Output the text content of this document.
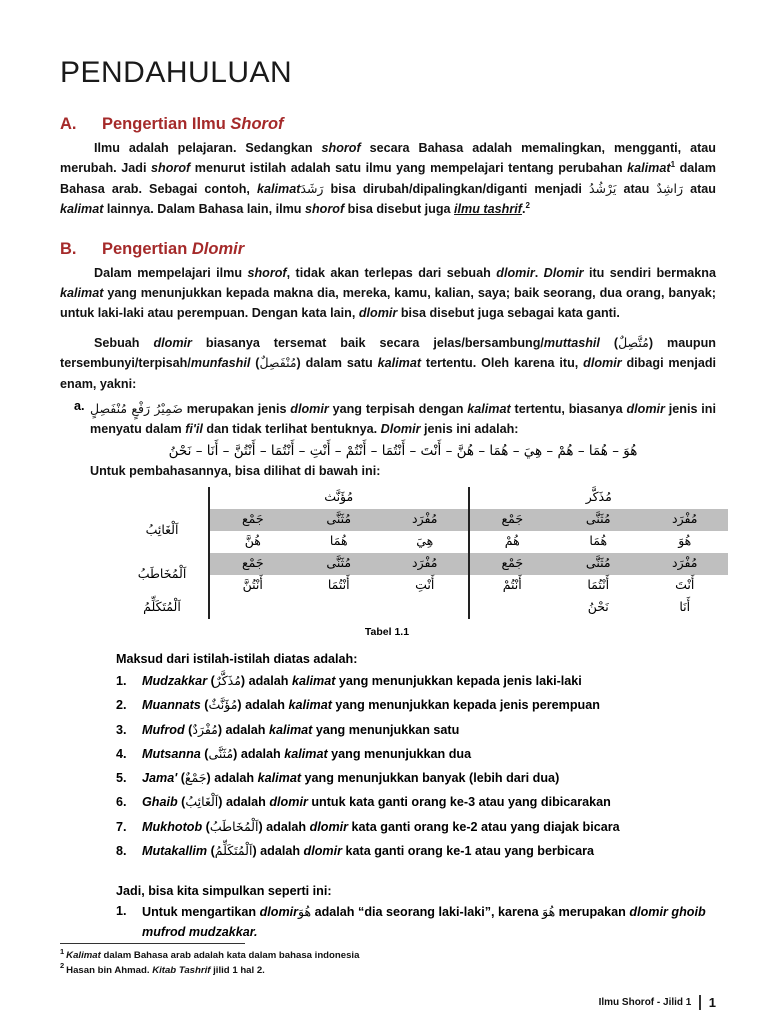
PENDAHULUAN
A.	Pengertian Ilmu Shorof

Ilmu adalah pelajaran. Sedangkan shorof secara Bahasa adalah memalingkan, mengganti, atau merubah. Jadi shorof menurut istilah adalah satu ilmu yang mempelajari tentang perubahan kalimat$^1$ dalam Bahasa arab. Sebagai contoh, kalimatرَشَدَ bisa dirubah/dipalingkan/diganti menjadi يَرْشُدُ atau رَاشِدٌ atau kalimat lainnya. Dalam Bahasa lain, ilmu shorof bisa disebut juga ilmu tashrif.$^2$

B.	Pengertian Dlomir

Dalam mempelajari ilmu shorof, tidak akan terlepas dari sebuah dlomir. Dlomir itu sendiri bermakna kalimat yang menunjukkan kepada makna dia, mereka, kamu, kalian, saya; baik seorang, dua orang, banyak; untuk laki-laki atau perempuan. Dengan kata lain, dlomir bisa disebut juga sebagai kata ganti.

Sebuah dlomir biasanya tersemat baik secara jelas/bersambung/muttashil (مُتَّصِلٌ) maupun tersembunyi/terpisah/munfashil (مُنْفَصِلٌ) dalam satu kalimat tertentu. Oleh karena itu, dlomir dibagi menjadi enam, yakni:

a. ضَمِيْرُ رَفْعٍ مُنْفَصِلٍ merupakan jenis dlomir yang terpisah dengan kalimat tertentu, biasanya dlomir jenis ini menyatu dalam fi'il dan tidak terlihat bentuknya. Dlomir jenis ini adalah:

هُوَ – هُمَا – هُمْ – هِيَ – هُمَا – هُنَّ – أَنْتَ – أَنْتُمَا – أَنْتُمْ – أَنْتِ – أَنْتُمَا – أَنْتُنَّ – أَنَا – نَحْنُ

Untuk pembahasannya, bisa dilihat di bawah ini:

مُذَكَّر			مُؤَنَّث			
مُفْرَد	مُثَنَّى	جَمْع	مُفْرَد	مُثَنَّى	جَمْع	اَلْغَائِبُ
هُوَ	هُمَا	هُمْ	هِيَ	هُمَا	هُنَّ	
مُفْرَد	مُثَنَّى	جَمْع	مُفْرَد	مُثَنَّى	جَمْع	اَلْمُخَاطَبُ
أَنْتَ	أَنْتُمَا	أَنْتُمْ	أَنْتِ	أَنْتُمَا	أَنْتُنَّ	
أَنَا	نَحْنُ					اَلْمُتَكَلِّمُ
Tabel 1.1
Maksud dari istilah-istilah diatas adalah:
1.	Mudzakkar (مُذَكَّرٌ) adalah kalimat yang menunjukkan kepada jenis laki-laki
2.	Muannats (مُؤَنَّثٌ) adalah kalimat yang menunjukkan kepada jenis perempuan
3.	Mufrod (مُفْرَدٌ) adalah kalimat yang menunjukkan satu
4.	Mutsanna (مُثَنَّى) adalah kalimat yang menunjukkan dua
5.	Jama' (جَمْعٌ) adalah kalimat yang menunjukkan banyak (lebih dari dua)
6.	Ghaib (اَلْغَائِبُ) adalah dlomir untuk kata ganti orang ke-3 atau yang dibicarakan
7.	Mukhotob (اَلْمُخَاطَبُ) adalah dlomir kata ganti orang ke-2 atau yang diajak bicara
8.	Mutakallim (اَلْمُتَكَلِّمُ) adalah dlomir kata ganti orang ke-1 atau yang berbicara
Jadi, bisa kita simpulkan seperti ini:
1.	Untuk mengartikan dlomirهُوَ adalah “dia seorang laki-laki”, karena هُوَ merupakan dlomir ghoib mufrod mudzakkar.
$^1$ Kalimat dalam Bahasa arab adalah kata dalam bahasa indonesia
$^2$ Hasan bin Ahmad. Kitab Tashrif jilid 1 hal 2.
Ilmu Shorof - Jilid 1 1
